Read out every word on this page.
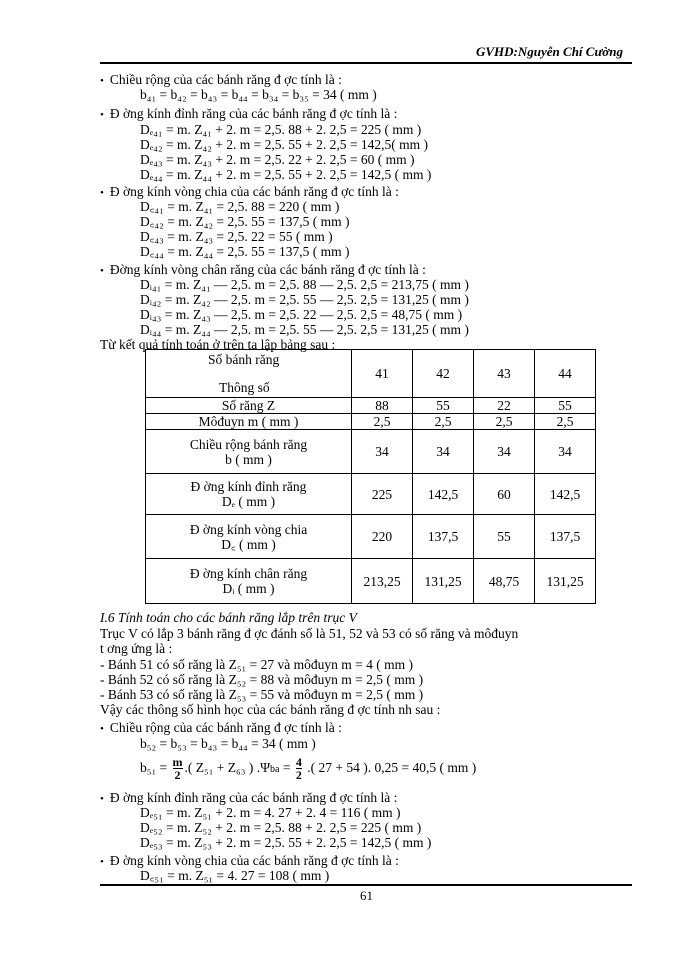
GVHD:Nguyễn Chí Cường
• Chiều rộng của các bánh răng đ ợc tính là :
b₄₁ = b₄₂ = b₄₃ = b₄₄ = b₃₄ = b₃₅ = 34 ( mm )
• Đ ờng kính đỉnh răng của các bánh răng đ ợc tính là :
Dₑ₄₁ = m. Z₄₁ + 2. m = 2,5. 88 + 2. 2,5 = 225 ( mm )
Dₑ₄₂ = m. Z₄₂ + 2. m = 2,5. 55 + 2. 2,5 = 142,5( mm )
Dₑ₄₃ = m. Z₄₃ + 2. m = 2,5. 22 + 2. 2,5 = 60 ( mm )
Dₑ₄₄ = m. Z₄₄ + 2. m = 2,5. 55 + 2. 2,5 = 142,5 ( mm )
• Đ ờng kính vòng chia của các bánh răng đ ợc tính là :
D꜀₄₁ = m. Z₄₁ = 2,5. 88 = 220 ( mm )
D꜀₄₂ = m. Z₄₂ = 2,5. 55 = 137,5 ( mm )
D꜀₄₃ = m. Z₄₃ = 2,5. 22 = 55 ( mm )
D꜀₄₄ = m. Z₄₄ = 2,5. 55 = 137,5 ( mm )
• Đờng kính vòng chân răng của các bánh răng đ ợc tính là :
Dᵢ₄₁ = m. Z₄₁ — 2,5. m = 2,5. 88 — 2,5. 2,5 = 213,75 ( mm )
Dᵢ₄₂ = m. Z₄₂ — 2,5. m = 2,5. 55 — 2,5. 2,5 = 131,25 ( mm )
Dᵢ₄₃ = m. Z₄₃ — 2,5. m = 2,5. 22 — 2,5. 2,5 = 48,75 ( mm )
Dᵢ₄₄ = m. Z₄₄ — 2,5. m = 2,5. 55 — 2,5. 2,5 = 131,25 ( mm )
Từ kết quả tính toán ở trên ta lập bảng sau :
Số bánh răng
Thông số	41	42	43	44
Số răng Z	88	55	22	55
Môđuyn m ( mm )	2,5	2,5	2,5	2,5

Chiều rộng bánh răng
b ( mm )	34	34	34	34

Đ ờng kính đỉnh răng
Dₑ ( mm )	225	142,5	60	142,5

Đ ờng kính vòng chia
D꜀ ( mm )	220	137,5	55	137,5

Đ ờng kính chân răng
Dᵢ ( mm )	213,25	131,25	48,75	131,25
I.6 Tính toán cho các bánh răng lắp trên trục V
Trục V có lắp 3 bánh răng đ ợc đánh số là 51, 52 và 53 có số răng và môđuyn
t ơng ứng là :
- Bánh 51 có số răng là Z₅₁ = 27 và môđuyn m = 4 ( mm )
- Bánh 52 có số răng là Z₅₂ = 88 và môđuyn m = 2,5 ( mm )
- Bánh 53 có số răng là Z₅₃ = 55 và môđuyn m = 2,5 ( mm )
Vậy các thông số hình học của các bánh răng đ ợc tính nh sau :
• Chiều rộng của các bánh răng đ ợc tính là :
b₅₂ = b₅₃ = b₄₃ = b₄₄ = 34 ( mm )
$b_{51} = \frac{m}{2}$ .( Z₅₁ + Z₆₃ ) $.\Psi ba = \frac{4}{2}$ .( 27 + 54 ). 0,25 = 40,5 ( mm )
• Đ ờng kính đỉnh răng của các bánh răng đ ợc tính là :
Dₑ₅₁ = m. Z₅₁ + 2. m = 4. 27 + 2. 4 = 116 ( mm )
Dₑ₅₂ = m. Z₅₂ + 2. m = 2,5. 88 + 2. 2,5 = 225 ( mm )
Dₑ₅₃ = m. Z₅₃ + 2. m = 2,5. 55 + 2. 2,5 = 142,5 ( mm )
• Đ ờng kính vòng chia của các bánh răng đ ợc tính là :
D꜀₅₁ = m. Z₅₁ = 4. 27 = 108 ( mm )
61
